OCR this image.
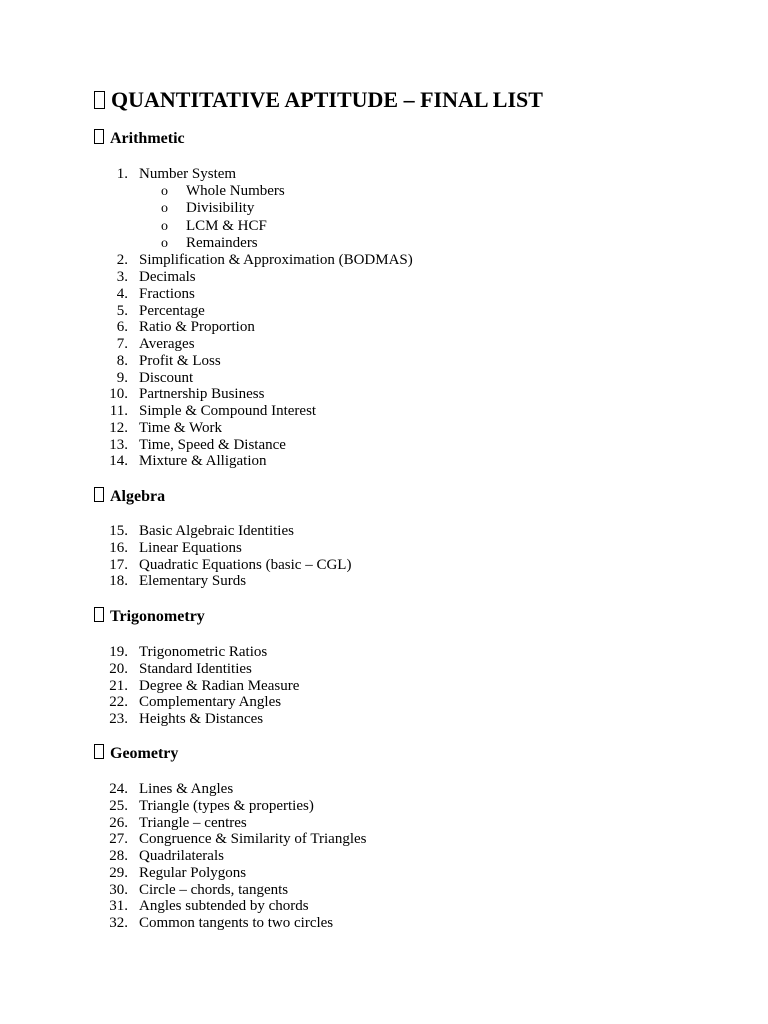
QUANTITATIVE APTITUDE – FINAL LIST
Arithmetic
1. Number System
o Whole Numbers
o Divisibility
o LCM & HCF
o Remainders
2. Simplification & Approximation (BODMAS)
3. Decimals
4. Fractions
5. Percentage
6. Ratio & Proportion
7. Averages
8. Profit & Loss
9. Discount
10. Partnership Business
11. Simple & Compound Interest
12. Time & Work
13. Time, Speed & Distance
14. Mixture & Alligation
Algebra
15. Basic Algebraic Identities
16. Linear Equations
17. Quadratic Equations (basic – CGL)
18. Elementary Surds
Trigonometry
19. Trigonometric Ratios
20. Standard Identities
21. Degree & Radian Measure
22. Complementary Angles
23. Heights & Distances
Geometry
24. Lines & Angles
25. Triangle (types & properties)
26. Triangle – centres
27. Congruence & Similarity of Triangles
28. Quadrilaterals
29. Regular Polygons
30. Circle – chords, tangents
31. Angles subtended by chords
32. Common tangents to two circles
